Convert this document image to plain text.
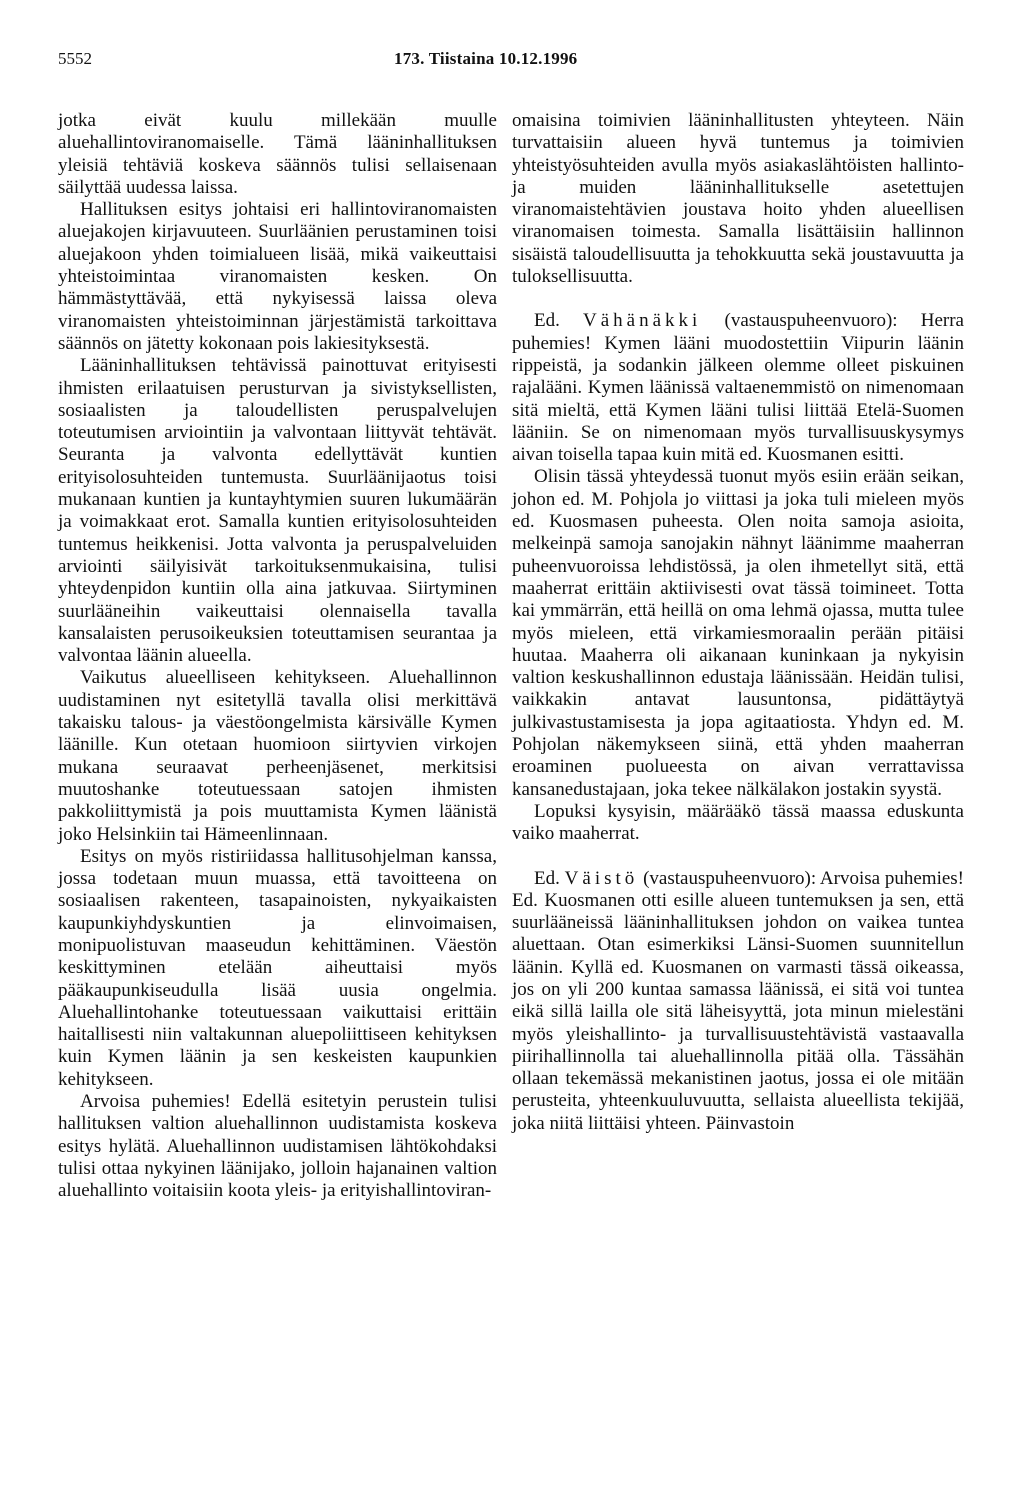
5552	173. Tiistaina 10.12.1996

jotka eivät kuulu millekään muulle aluehallintoviranomaiselle. Tämä lääninhallituksen yleisiä tehtäviä koskeva säännös tulisi sellaisenaan säilyttää uudessa laissa.

Hallituksen esitys johtaisi eri hallintoviranomaisten aluejakojen kirjavuuteen. Suurläänien perustaminen toisi aluejakoon yhden toimialueen lisää, mikä vaikeuttaisi yhteistoimintaa viranomaisten kesken. On hämmästyttävää, että nykyisessä laissa oleva viranomaisten yhteistoiminnan järjestämistä tarkoittava säännös on jätetty kokonaan pois lakiesityksestä.

Lääninhallituksen tehtävissä painottuvat erityisesti ihmisten erilaatuisen perusturvan ja sivistyksellisten, sosiaalisten ja taloudellisten peruspalvelujen toteutumisen arviointiin ja valvontaan liittyvät tehtävät. Seuranta ja valvonta edellyttävät kuntien erityisolosuhteiden tuntemusta. Suurläänijaotus toisi mukanaan kuntien ja kuntayhtymien suuren lukumäärän ja voimakkaat erot. Samalla kuntien erityisolosuhteiden tuntemus heikkenisi. Jotta valvonta ja peruspalveluiden arviointi säilyisivät tarkoituksenmukaisina, tulisi yhteydenpidon kuntiin olla aina jatkuvaa. Siirtyminen suurlääneihin vaikeuttaisi olennaisella tavalla kansalaisten perusoikeuksien toteuttamisen seurantaa ja valvontaa läänin alueella.

Vaikutus alueelliseen kehitykseen. Aluehallinnon uudistaminen nyt esitetyllä tavalla olisi merkittävä takaisku talous- ja väestöongelmista kärsivälle Kymen läänille. Kun otetaan huomioon siirtyvien virkojen mukana seuraavat perheenjäsenet, merkitsisi muutoshanke toteutuessaan satojen ihmisten pakkoliittymistä ja pois muuttamista Kymen läänistä joko Helsinkiin tai Hämeenlinnaan.

Esitys on myös ristiriidassa hallitusohjelman kanssa, jossa todetaan muun muassa, että tavoitteena on sosiaalisen rakenteen, tasapainoisten, nykyaikaisten kaupunkiyhdyskuntien ja elinvoimaisen, monipuolistuvan maaseudun kehittäminen. Väestön keskittyminen etelään aiheuttaisi myös pääkaupunkiseudulla lisää uusia ongelmia. Aluehallintohanke toteutuessaan vaikuttaisi erittäin haitallisesti niin valtakunnan aluepoliittiseen kehityksen kuin Kymen läänin ja sen keskeisten kaupunkien kehitykseen.

Arvoisa puhemies! Edellä esitetyin perustein tulisi hallituksen valtion aluehallinnon uudistamista koskeva esitys hylätä. Aluehallinnon uudistamisen lähtökohdaksi tulisi ottaa nykyinen läänijako, jolloin hajanainen valtion aluehallinto voitaisiin koota yleis- ja erityishallintoviran-

omaisina toimivien lääninhallitusten yhteyteen. Näin turvattaisiin alueen hyvä tuntemus ja toimivien yhteistyösuhteiden avulla myös asiakaslähtöisten hallinto- ja muiden lääninhallitukselle asetettujen viranomaistehtävien joustava hoito yhden alueellisen viranomaisen toimesta. Samalla lisättäisiin hallinnon sisäistä taloudellisuutta ja tehokkuutta sekä joustavuutta ja tuloksellisuutta.

Ed. Vähänäkki (vastauspuheenvuoro): Herra puhemies! Kymen lääni muodostettiin Viipurin läänin rippeistä, ja sodankin jälkeen olemme olleet piskuinen rajalääni. Kymen läänissä valtaenemmistö on nimenomaan sitä mieltä, että Kymen lääni tulisi liittää Etelä-Suomen lääniin. Se on nimenomaan myös turvallisuuskysymys aivan toisella tapaa kuin mitä ed. Kuosmanen esitti.

Olisin tässä yhteydessä tuonut myös esiin erään seikan, johon ed. M. Pohjola jo viittasi ja joka tuli mieleen myös ed. Kuosmasen puheesta. Olen noita samoja asioita, melkeinpä samoja sanojakin nähnyt läänimme maaherran puheenvuoroissa lehdistössä, ja olen ihmetellyt sitä, että maaherrat erittäin aktiivisesti ovat tässä toimineet. Totta kai ymmärrän, että heillä on oma lehmä ojassa, mutta tulee myös mieleen, että virkamiesmoraalin perään pitäisi huutaa. Maaherra oli aikanaan kuninkaan ja nykyisin valtion keskushallinnon edustaja läänissään. Heidän tulisi, vaikkakin antavat lausuntonsa, pidättäytyä julkivastustamisesta ja jopa agitaatiosta. Yhdyn ed. M. Pohjolan näkemykseen siinä, että yhden maaherran eroaminen puolueesta on aivan verrattavissa kansanedustajaan, joka tekee nälkälakon jostakin syystä.

Lopuksi kysyisin, määrääkö tässä maassa eduskunta vaiko maaherrat.

Ed. Väistö (vastauspuheenvuoro): Arvoisa puhemies! Ed. Kuosmanen otti esille alueen tuntemuksen ja sen, että suurlääneissä lääninhallituksen johdon on vaikea tuntea aluettaan. Otan esimerkiksi Länsi-Suomen suunnitellun läänin. Kyllä ed. Kuosmanen on varmasti tässä oikeassa, jos on yli 200 kuntaa samassa läänissä, ei sitä voi tuntea eikä sillä lailla ole sitä läheisyyttä, jota minun mielestäni myös yleishallinto- ja turvallisuustehtävistä vastaavalla piirihallinnolla tai aluehallinnolla pitää olla. Tässähän ollaan tekemässä mekanistinen jaotus, jossa ei ole mitään perusteita, yhteenkuuluvuutta, sellaista alueellista tekijää, joka niitä liittäisi yhteen. Päinvastoin
